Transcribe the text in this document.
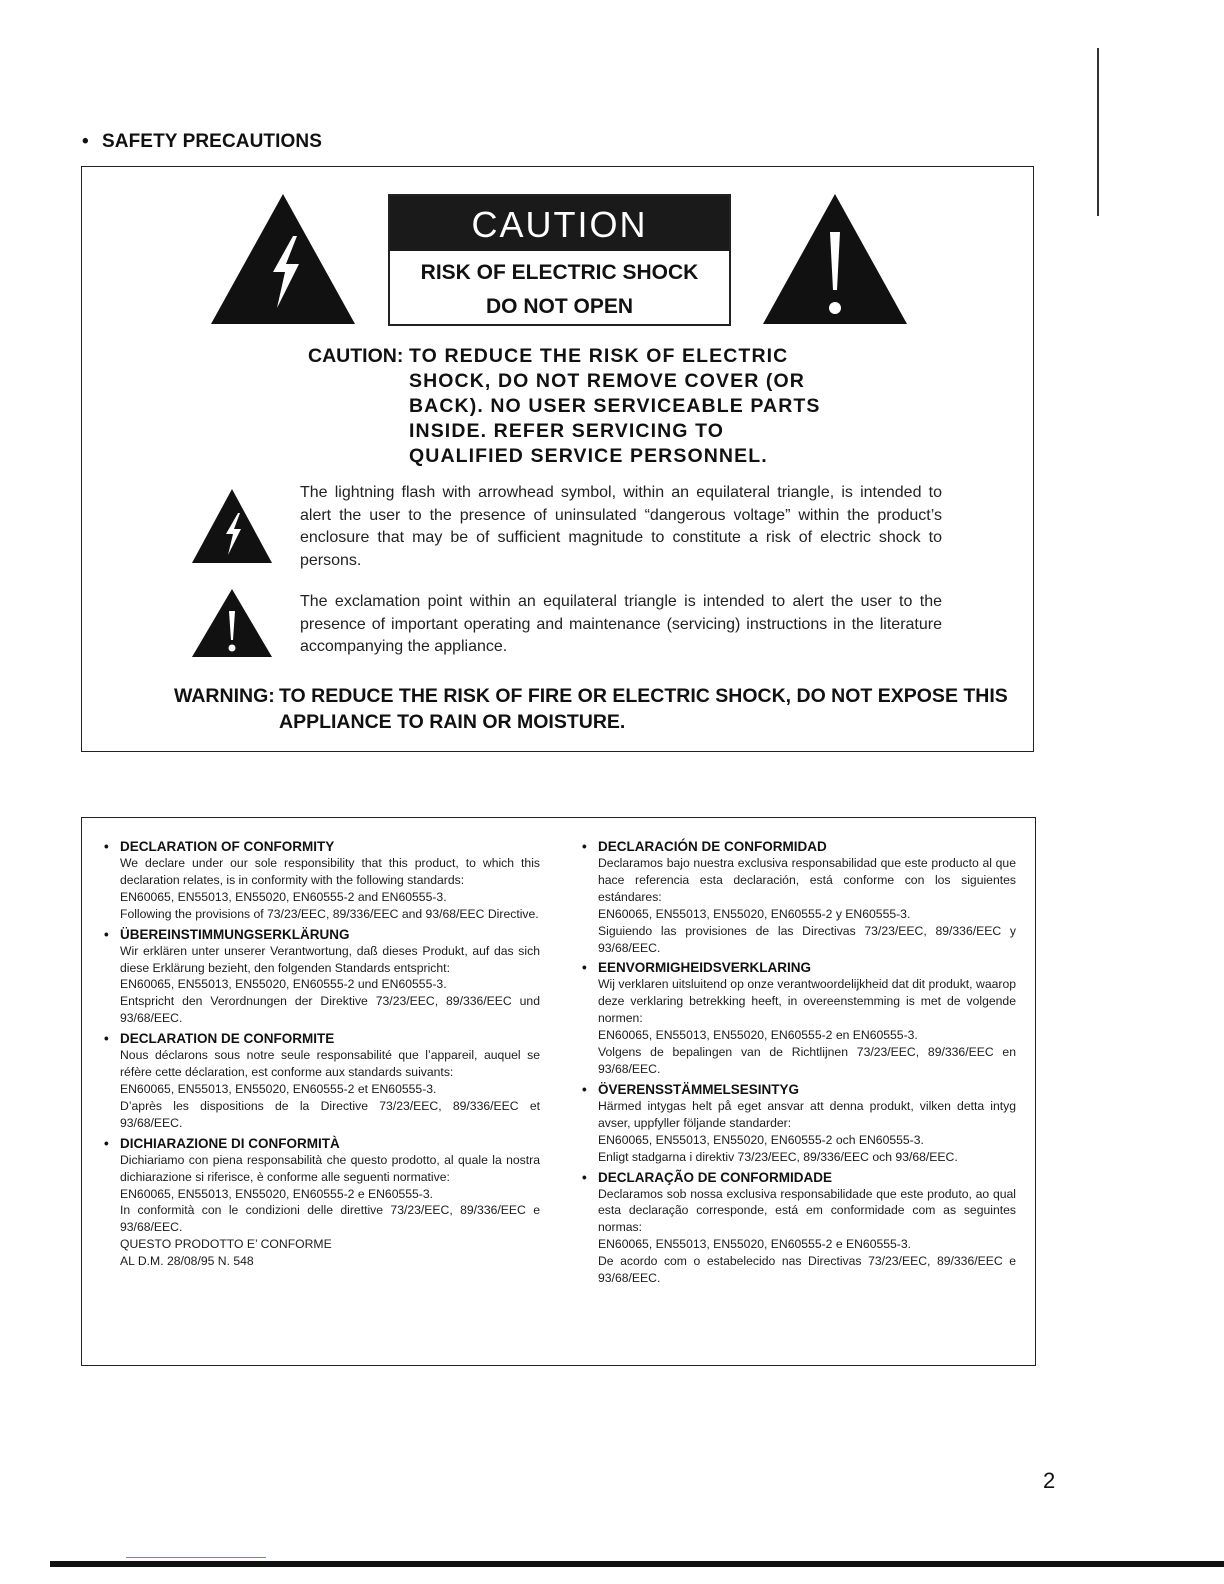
• SAFETY PRECAUTIONS
CAUTION
RISK OF ELECTRIC SHOCK
DO NOT OPEN
CAUTION: TO REDUCE THE RISK OF ELECTRIC SHOCK, DO NOT REMOVE COVER (OR BACK). NO USER SERVICEABLE PARTS INSIDE. REFER SERVICING TO QUALIFIED SERVICE PERSONNEL.
The lightning flash with arrowhead symbol, within an equilateral triangle, is intended to alert the user to the presence of uninsulated “dangerous voltage” within the product’s enclosure that may be of sufficient magnitude to constitute a risk of electric shock to persons.
The exclamation point within an equilateral triangle is intended to alert the user to the presence of important operating and maintenance (servicing) instructions in the literature accompanying the appliance.
WARNING: TO REDUCE THE RISK OF FIRE OR ELECTRIC SHOCK, DO NOT EXPOSE THIS APPLIANCE TO RAIN OR MOISTURE.
• DECLARATION OF CONFORMITY
We declare under our sole responsibility that this product, to which this declaration relates, is in conformity with the following standards:
EN60065, EN55013, EN55020, EN60555-2 and EN60555-3.
Following the provisions of 73/23/EEC, 89/336/EEC and 93/68/EEC Directive.
• ÜBEREINSTIMMUNGSERKLÄRUNG
Wir erklären unter unserer Verantwortung, daß dieses Produkt, auf das sich diese Erklärung bezieht, den folgenden Standards entspricht:
EN60065, EN55013, EN55020, EN60555-2 und EN60555-3.
Entspricht den Verordnungen der Direktive 73/23/EEC, 89/336/EEC und 93/68/EEC.
• DECLARATION DE CONFORMITE
Nous déclarons sous notre seule responsabilité que l’appareil, auquel se réfère cette déclaration, est conforme aux standards suivants:
EN60065, EN55013, EN55020, EN60555-2 et EN60555-3.
D’après les dispositions de la Directive 73/23/EEC, 89/336/EEC et 93/68/EEC.
• DICHIARAZIONE DI CONFORMITÀ
Dichiariamo con piena responsabilità che questo prodotto, al quale la nostra dichiarazione si riferisce, è conforme alle seguenti normative:
EN60065, EN55013, EN55020, EN60555-2 e EN60555-3.
In conformità con le condizioni delle direttive 73/23/EEC, 89/336/EEC e 93/68/EEC.
QUESTO PRODOTTO E’ CONFORME
AL D.M. 28/08/95 N. 548
• DECLARACIÓN DE CONFORMIDAD
Declaramos bajo nuestra exclusiva responsabilidad que este producto al que hace referencia esta declaración, está conforme con los siguientes estándares:
EN60065, EN55013, EN55020, EN60555-2 y EN60555-3.
Siguiendo las provisiones de las Directivas 73/23/EEC, 89/336/EEC y 93/68/EEC.
• EENVORMIGHEIDSVERKLARING
Wij verklaren uitsluitend op onze verantwoordelijkheid dat dit produkt, waarop deze verklaring betrekking heeft, in overeenstemming is met de volgende normen:
EN60065, EN55013, EN55020, EN60555-2 en EN60555-3.
Volgens de bepalingen van de Richtlijnen 73/23/EEC, 89/336/EEC en 93/68/EEC.
• ÖVERENSSTÄMMELSESINTYG
Härmed intygas helt på eget ansvar att denna produkt, vilken detta intyg avser, uppfyller följande standarder:
EN60065, EN55013, EN55020, EN60555-2 och EN60555-3.
Enligt stadgarna i direktiv 73/23/EEC, 89/336/EEC och 93/68/EEC.
• DECLARAÇÃO DE CONFORMIDADE
Declaramos sob nossa exclusiva responsabilidade que este produto, ao qual esta declaração corresponde, está em conformidade com as seguintes normas:
EN60065, EN55013, EN55020, EN60555-2 e EN60555-3.
De acordo com o estabelecido nas Directivas 73/23/EEC, 89/336/EEC e 93/68/EEC.
2
